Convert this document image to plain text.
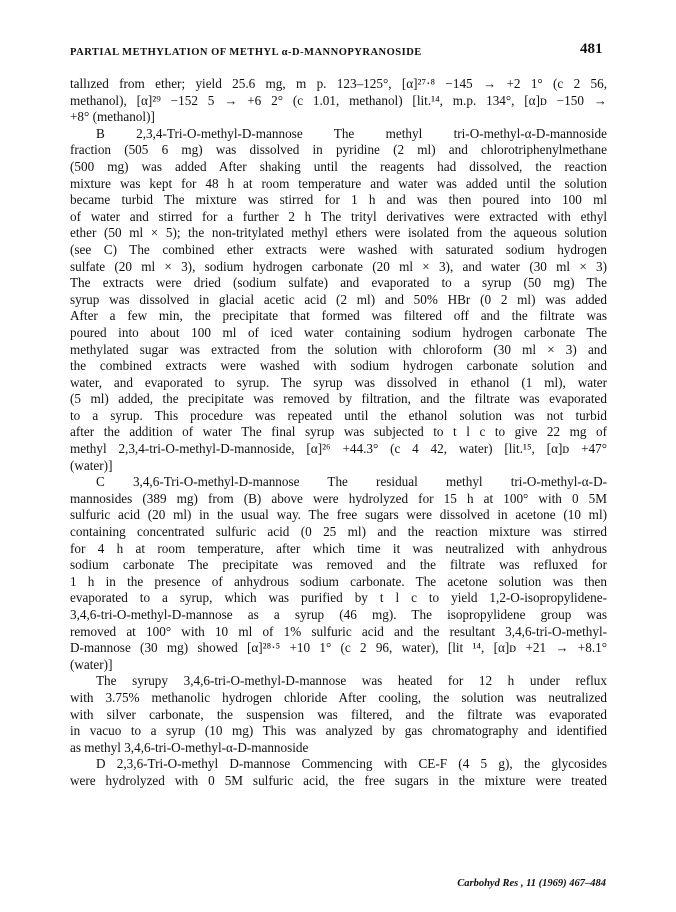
PARTIAL METHYLATION OF METHYL α-D-MANNOPYRANOSIDE	481
tallızed from ether; yield 25.6 mg, m p. 123–125°, [α]²⁷·⁸ −145 → +2 1° (c 2 56,
methanol), [α]²⁹ −152 5 → +6 2° (c 1.01, methanol) [lit.¹⁴, m.p. 134°, [α]ᴅ −150 →
+8° (methanol)]
B 2,3,4-Tri-O-methyl-D-mannose The methyl tri-O-methyl-α-D-mannoside
fraction (505 6 mg) was dissolved in pyridine (2 ml) and chlorotriphenylmethane
(500 mg) was added After shaking until the reagents had dissolved, the reaction
mixture was kept for 48 h at room temperature and water was added until the solution
became turbid The mixture was stirred for 1 h and was then poured into 100 ml
of water and stirred for a further 2 h The trityl derivatives were extracted with ethyl
ether (50 ml × 5); the non-tritylated methyl ethers were isolated from the aqueous solution
(see C) The combined ether extracts were washed with saturated sodium hydrogen
sulfate (20 ml × 3), sodium hydrogen carbonate (20 ml × 3), and water (30 ml × 3)
The extracts were dried (sodium sulfate) and evaporated to a syrup (50 mg) The
syrup was dissolved in glacial acetic acid (2 ml) and 50% HBr (0 2 ml) was added
After a few min, the precipitate that formed was filtered off and the filtrate was
poured into about 100 ml of iced water containing sodium hydrogen carbonate The
methylated sugar was extracted from the solution with chloroform (30 ml × 3) and
the combined extracts were washed with sodium hydrogen carbonate solution and
water, and evaporated to syrup. The syrup was dissolved in ethanol (1 ml), water
(5 ml) added, the precipitate was removed by filtration, and the filtrate was evaporated
to a syrup. This procedure was repeated until the ethanol solution was not turbid
after the addition of water The final syrup was subjected to t l c to give 22 mg of
methyl 2,3,4-tri-O-methyl-D-mannoside, [α]²⁶ +44.3° (c 4 42, water) [lit.¹⁵, [α]ᴅ +47°
(water)]
C 3,4,6-Tri-O-methyl-D-mannose The residual methyl tri-O-methyl-α-D-
mannosides (389 mg) from (B) above were hydrolyzed for 15 h at 100° with 0 5M
sulfuric acid (20 ml) in the usual way. The free sugars were dissolved in acetone (10 ml)
containing concentrated sulfuric acid (0 25 ml) and the reaction mixture was stirred
for 4 h at room temperature, after which time it was neutralized with anhydrous
sodium carbonate The precipitate was removed and the filtrate was refluxed for
1 h in the presence of anhydrous sodium carbonate. The acetone solution was then
evaporated to a syrup, which was purified by t l c to yield 1,2-O-isopropylidene-
3,4,6-tri-O-methyl-D-mannose as a syrup (46 mg). The isopropylidene group was
removed at 100° with 10 ml of 1% sulfuric acid and the resultant 3,4,6-tri-O-methyl-
D-mannose (30 mg) showed [α]²⁸·⁵ +10 1° (c 2 96, water), [lit ¹⁴, [α]ᴅ +21 → +8.1°
(water)]
The syrupy 3,4,6-tri-O-methyl-D-mannose was heated for 12 h under reflux
with 3.75% methanolic hydrogen chloride After cooling, the solution was neutralized
with silver carbonate, the suspension was filtered, and the filtrate was evaporated
in vacuo to a syrup (10 mg) This was analyzed by gas chromatography and identified
as methyl 3,4,6-tri-O-methyl-α-D-mannoside
D 2,3,6-Tri-O-methyl D-mannose Commencing with CE-F (4 5 g), the glycosides
were hydrolyzed with 0 5M sulfuric acid, the free sugars in the mixture were treated
Carbohyd Res , 11 (1969) 467–484
